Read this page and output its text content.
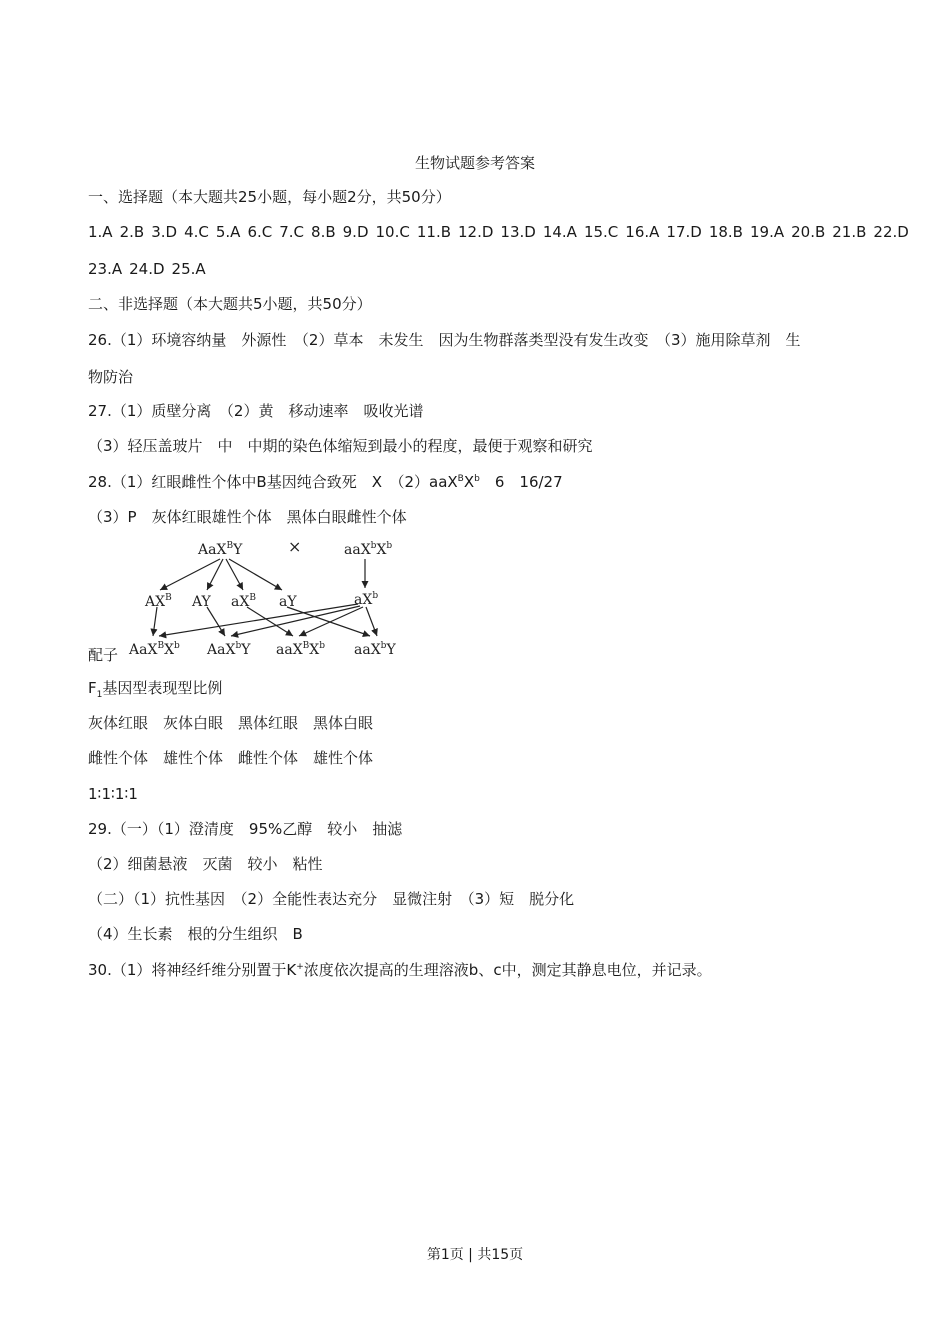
生物试题参考答案
一、选择题（本大题共25小题，每小题2分，共50分）
1.A 2.B 3.D 4.C 5.A 6.C 7.C 8.B 9.D 10.C 11.B 12.D 13.D 14.A 15.C 16.A 17.D 18.B 19.A 20.B 21.B 22.D
23.A 24.D 25.A
二、非选择题（本大题共5小题，共50分）
26.（1）环境容纳量　外源性　（2）草本　未发生　因为生物群落类型没有发生改变　（3）施用除草剂　生
物防治
27.（1）质壁分离　（2）黄　移动速率　吸收光谱
（3）轻压盖玻片　中　中期的染色体缩短到最小的程度，最便于观察和研究
28.（1）红眼雌性个体中B基因纯合致死　X　$(2)aaX^BX^b$　6　16/27
（3）P　灰体红眼雄性个体　黑体白眼雌性个体
AaX$^B$Y	×	$aaX^bX^b$
$AX^B$ AY $aX^B$ aY	$aX^b$
$AaX^BX^b$ AaX$^b$Y $aaX^BX^b$ aaX$^b$Y
配子
$F_1$基因型表现型比例
灰体红眼　灰体白眼　黑体红眼　黑体白眼
雌性个体　雄性个体　雌性个体　雄性个体
1∶1∶1∶1
29.（一）（1）澄清度　95%乙醇　较小　抽滤
（2）细菌悬液　灭菌　较小　粘性
（二）（1）抗性基因　（2）全能性表达充分　显微注射　（3）短　脱分化
（4）生长素　根的分生组织　B
30.（1）将神经纤维分别置于K+浓度依次提高的生理溶液b、c中，测定其静息电位，并记录。
第1页 | 共15页
